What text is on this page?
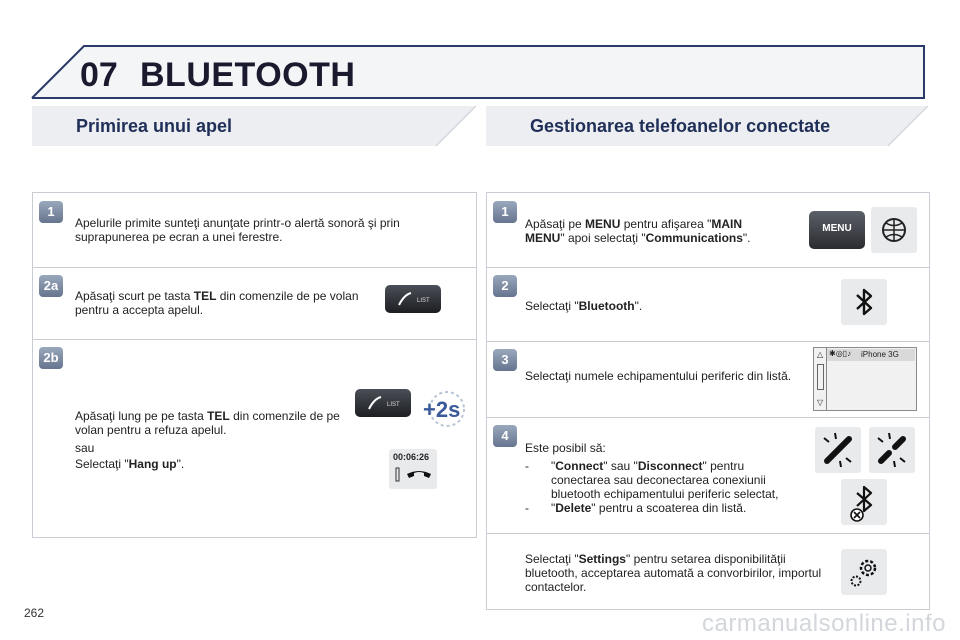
07 BLUETOOTH
Primirea unui apel	Gestionarea telefoanelor conectate
1
Apelurile primite sunteţi anunţate printr-o alertă sonoră şi prin suprapunerea pe ecran a unei ferestre.
2a
Apăsaţi scurt pe tasta TEL din comenzile de pe volan pentru a accepta apelul.
LIST
2b
Apăsaţi lung pe pe tasta TEL din comenzile de pe volan pentru a refuza apelul.
sau
Selectaţi "Hang up".
LIST +2s
00:06:26
1
Apăsaţi pe MENU pentru afişarea "MAIN MENU" apoi selectaţi "Communications".
MENU
2
Selectaţi "Bluetooth".
3
Selectaţi numele echipamentului periferic din listă.
△
▽
✱◎▯♪ iPhone 3G
4
Este posibil să:
- "Connect" sau "Disconnect" pentru conectarea sau deconectarea conexiunii bluetooth echipamentului periferic selectat,
- "Delete" pentru a scoaterea din listă.
Selectaţi "Settings" pentru setarea disponibilităţii bluetooth, acceptarea automată a convorbirilor, importul contactelor.
262	carmanualsonline.info
